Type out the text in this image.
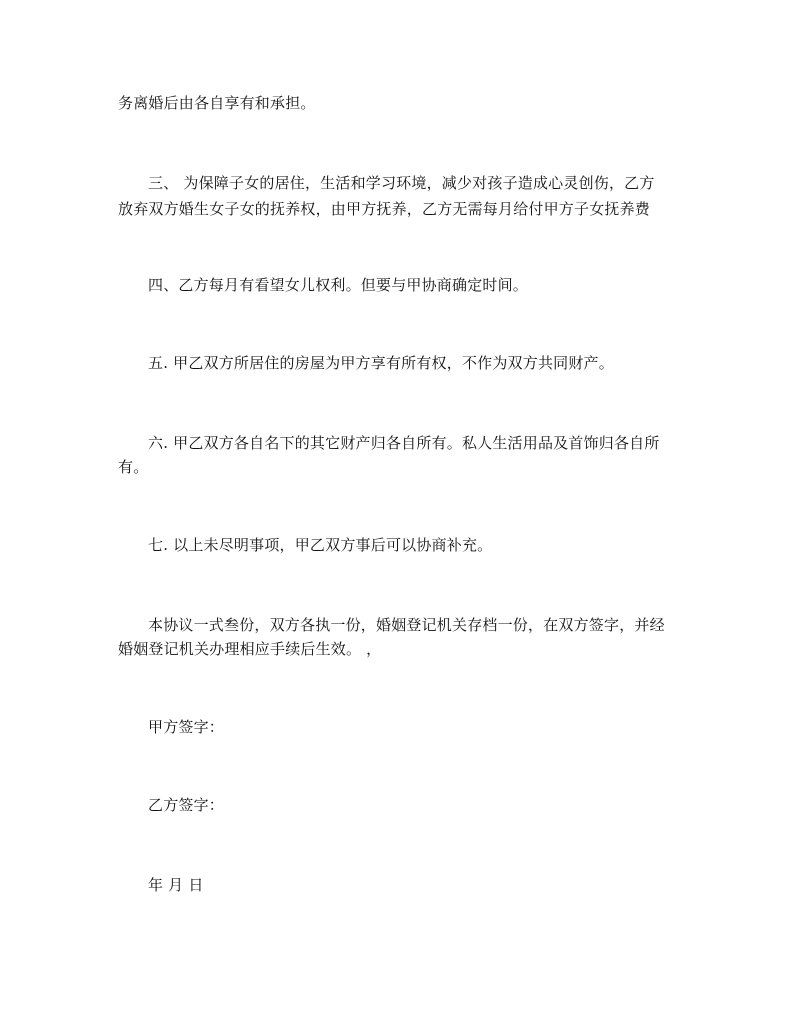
务离婚后由各自享有和承担。
三、 为保障子女的居住，生活和学习环境，减少对孩子造成心灵创伤，乙方
放弃双方婚生女子女的抚养权，由甲方抚养，乙方无需每月给付甲方子女抚养费
四、乙方每月有看望女儿权利。但要与甲协商确定时间。
五. 甲乙双方所居住的房屋为甲方享有所有权，不作为双方共同财产。
六. 甲乙双方各自名下的其它财产归各自所有。私人生活用品及首饰归各自所
有。
七. 以上未尽明事项，甲乙双方事后可以协商补充。
本协议一式叁份，双方各执一份，婚姻登记机关存档一份，在双方签字，并经
婚姻登记机关办理相应手续后生效。 ，
甲方签字：
乙方签字：
年 月 日
